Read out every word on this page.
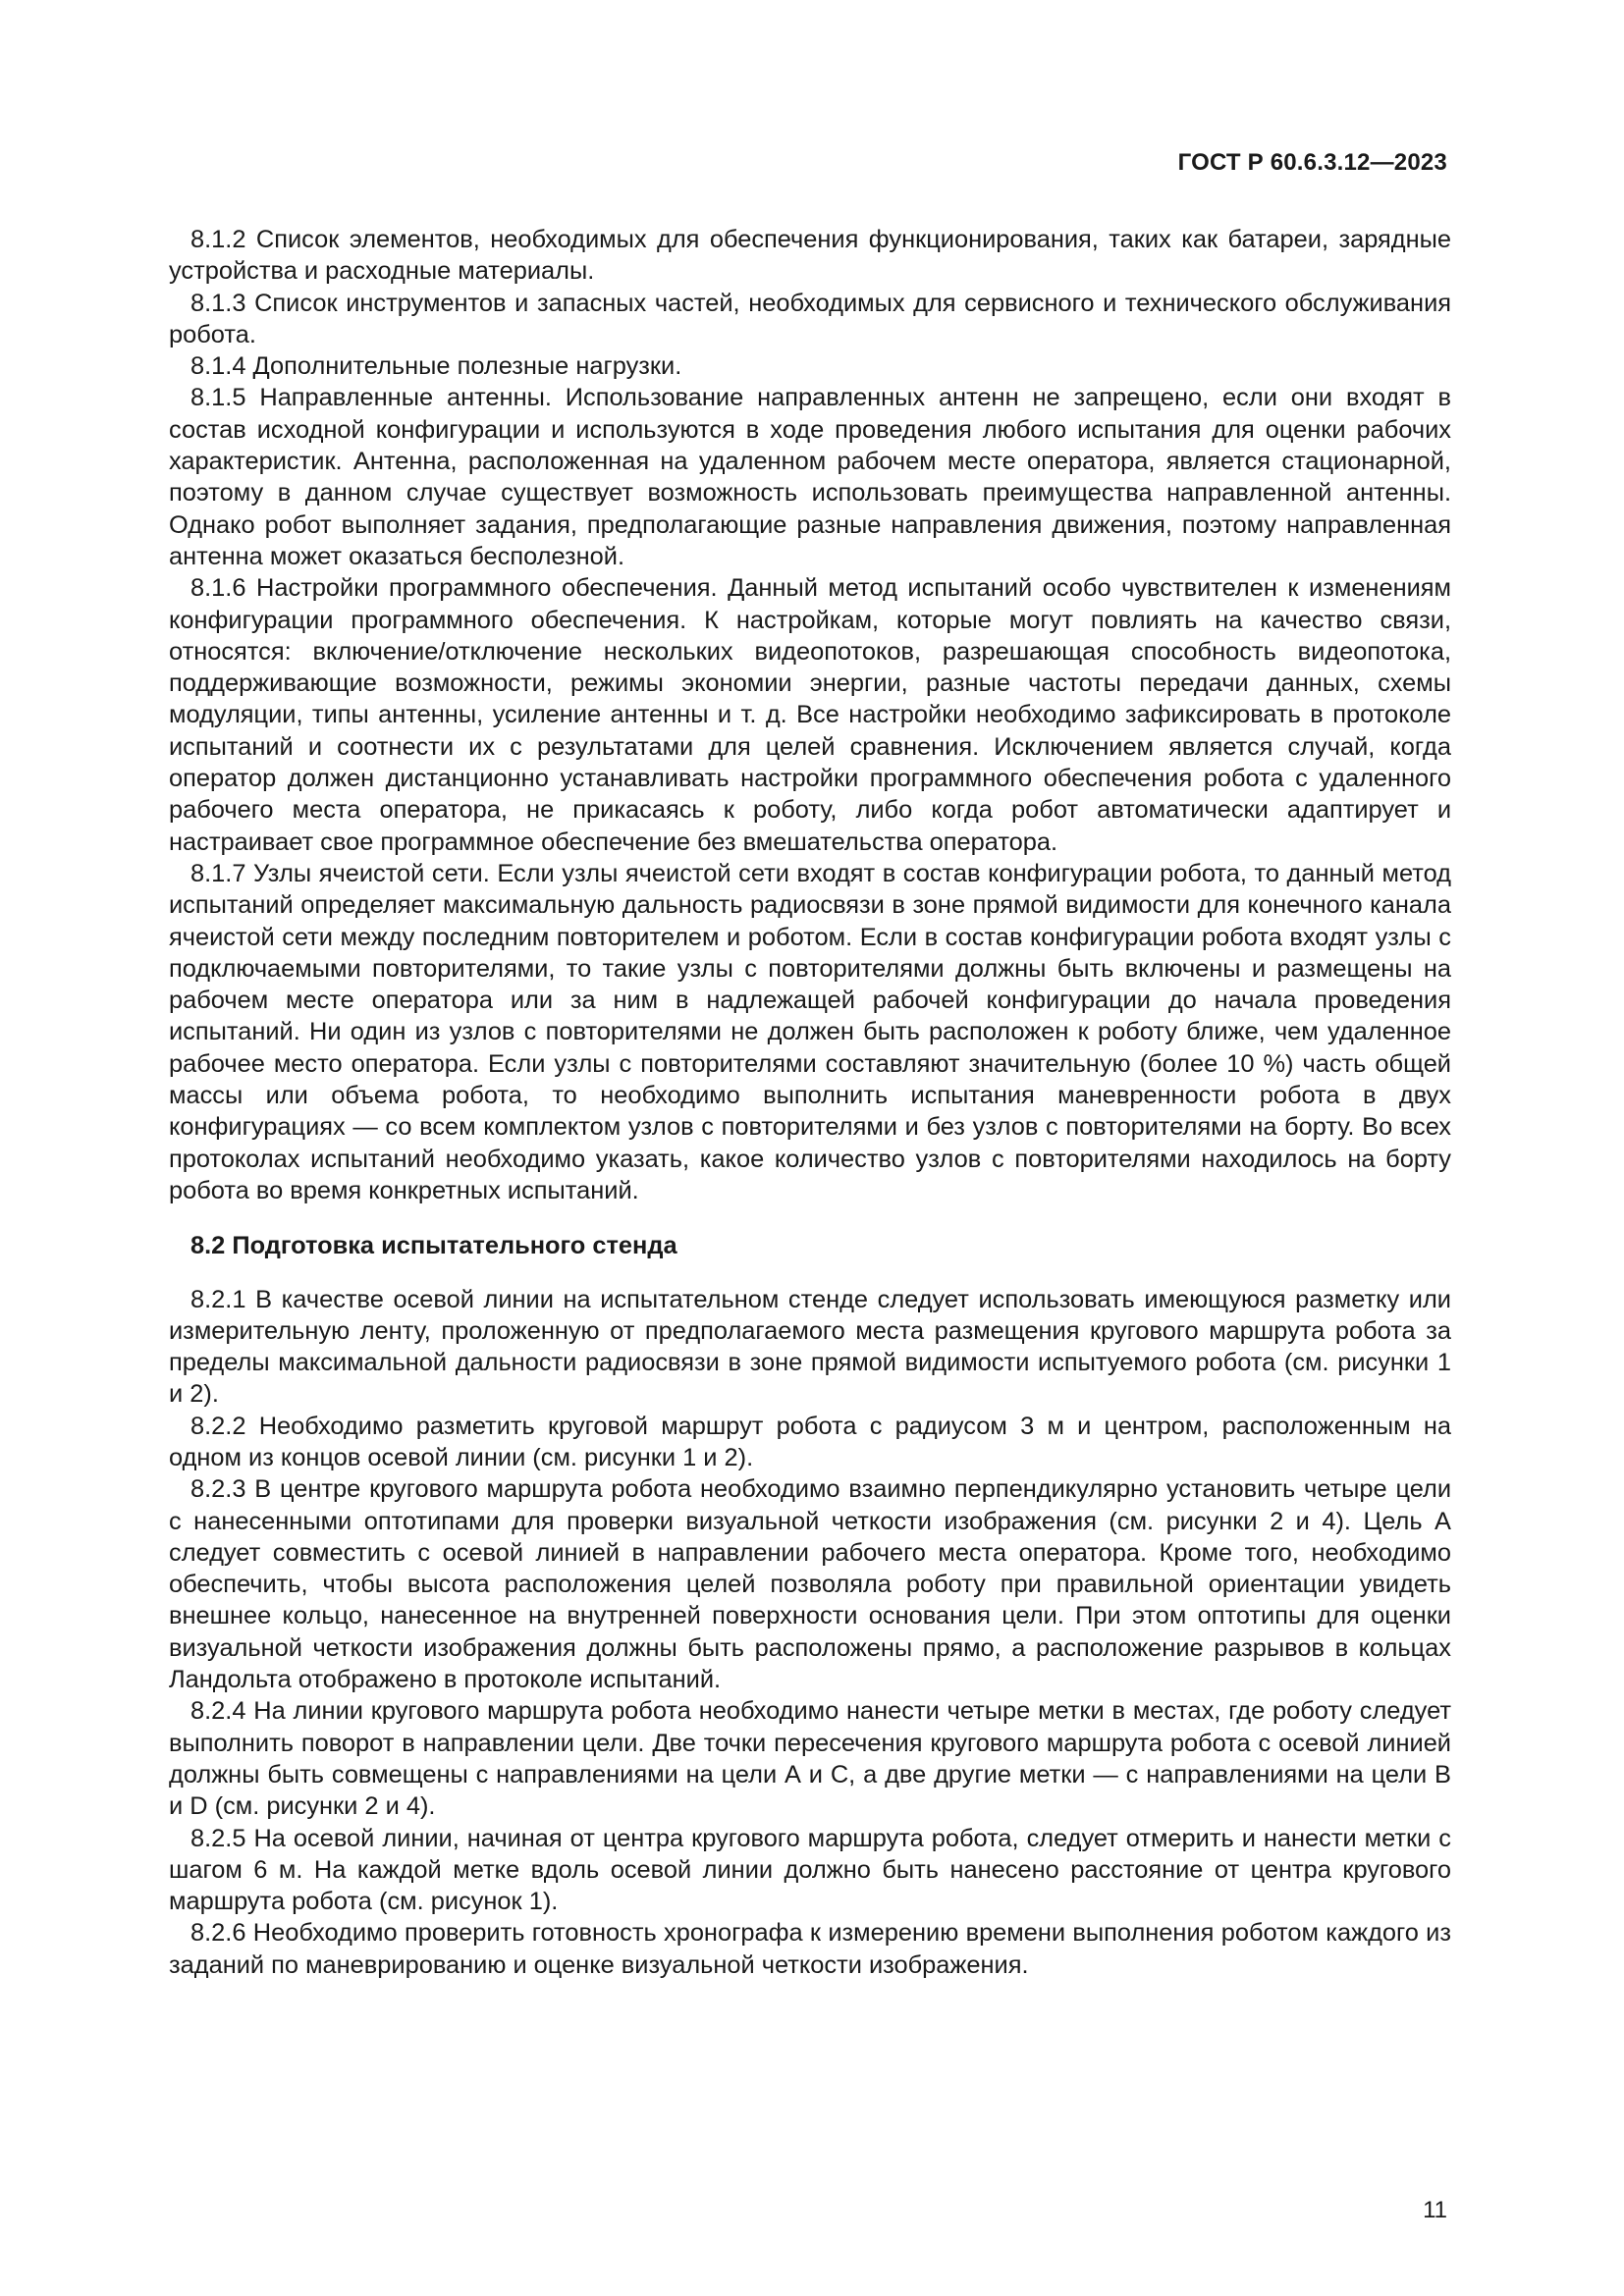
ГОСТ Р 60.6.3.12—2023

8.1.2 Список элементов, необходимых для обеспечения функционирования, таких как батареи, зарядные устройства и расходные материалы.

8.1.3 Список инструментов и запасных частей, необходимых для сервисного и технического обслуживания робота.

8.1.4 Дополнительные полезные нагрузки.

8.1.5 Направленные антенны. Использование направленных антенн не запрещено, если они входят в состав исходной конфигурации и используются в ходе проведения любого испытания для оценки рабочих характеристик. Антенна, расположенная на удаленном рабочем месте оператора, является стационарной, поэтому в данном случае существует возможность использовать преимущества направленной антенны. Однако робот выполняет задания, предполагающие разные направления движения, поэтому направленная антенна может оказаться бесполезной.

8.1.6 Настройки программного обеспечения. Данный метод испытаний особо чувствителен к изменениям конфигурации программного обеспечения. К настройкам, которые могут повлиять на качество связи, относятся: включение/отключение нескольких видеопотоков, разрешающая способность видеопотока, поддерживающие возможности, режимы экономии энергии, разные частоты передачи данных, схемы модуляции, типы антенны, усиление антенны и т. д. Все настройки необходимо зафиксировать в протоколе испытаний и соотнести их с результатами для целей сравнения. Исключением является случай, когда оператор должен дистанционно устанавливать настройки программного обеспечения робота с удаленного рабочего места оператора, не прикасаясь к роботу, либо когда робот автоматически адаптирует и настраивает свое программное обеспечение без вмешательства оператора.

8.1.7 Узлы ячеистой сети. Если узлы ячеистой сети входят в состав конфигурации робота, то данный метод испытаний определяет максимальную дальность радиосвязи в зоне прямой видимости для конечного канала ячеистой сети между последним повторителем и роботом. Если в состав конфигурации робота входят узлы с подключаемыми повторителями, то такие узлы с повторителями должны быть включены и размещены на рабочем месте оператора или за ним в надлежащей рабочей конфигурации до начала проведения испытаний. Ни один из узлов с повторителями не должен быть расположен к роботу ближе, чем удаленное рабочее место оператора. Если узлы с повторителями составляют значительную (более 10 %) часть общей массы или объема робота, то необходимо выполнить испытания маневренности робота в двух конфигурациях — со всем комплектом узлов с повторителями и без узлов с повторителями на борту. Во всех протоколах испытаний необходимо указать, какое количество узлов с повторителями находилось на борту робота во время конкретных испытаний.

8.2 Подготовка испытательного стенда

8.2.1 В качестве осевой линии на испытательном стенде следует использовать имеющуюся разметку или измерительную ленту, проложенную от предполагаемого места размещения кругового маршрута робота за пределы максимальной дальности радиосвязи в зоне прямой видимости испытуемого робота (см. рисунки 1 и 2).

8.2.2 Необходимо разметить круговой маршрут робота с радиусом 3 м и центром, расположенным на одном из концов осевой линии (см. рисунки 1 и 2).

8.2.3 В центре кругового маршрута робота необходимо взаимно перпендикулярно установить четыре цели с нанесенными оптотипами для проверки визуальной четкости изображения (см. рисунки 2 и 4). Цель А следует совместить с осевой линией в направлении рабочего места оператора. Кроме того, необходимо обеспечить, чтобы высота расположения целей позволяла роботу при правильной ориентации увидеть внешнее кольцо, нанесенное на внутренней поверхности основания цели. При этом оптотипы для оценки визуальной четкости изображения должны быть расположены прямо, а расположение разрывов в кольцах Ландольта отображено в протоколе испытаний.

8.2.4 На линии кругового маршрута робота необходимо нанести четыре метки в местах, где роботу следует выполнить поворот в направлении цели. Две точки пересечения кругового маршрута робота с осевой линией должны быть совмещены с направлениями на цели А и С, а две другие метки — с направлениями на цели В и D (см. рисунки 2 и 4).

8.2.5 На осевой линии, начиная от центра кругового маршрута робота, следует отмерить и нанести метки с шагом 6 м. На каждой метке вдоль осевой линии должно быть нанесено расстояние от центра кругового маршрута робота (см. рисунок 1).

8.2.6 Необходимо проверить готовность хронографа к измерению времени выполнения роботом каждого из заданий по маневрированию и оценке визуальной четкости изображения.

11
